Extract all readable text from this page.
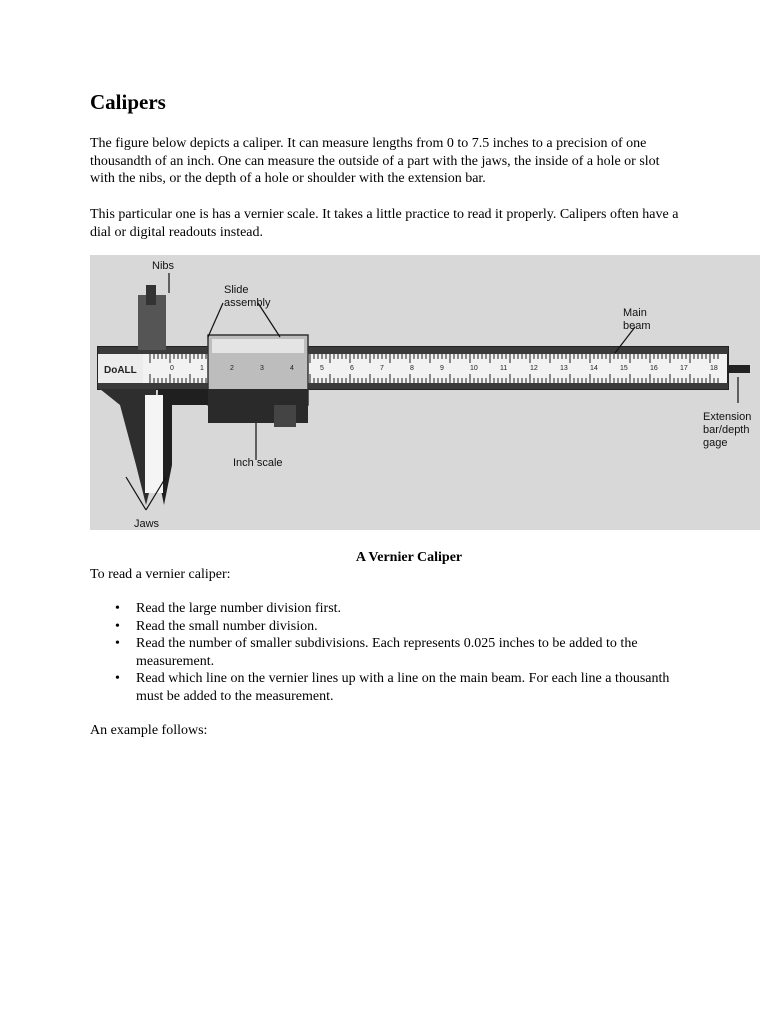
Calipers

The figure below depicts a caliper. It can measure lengths from 0 to 7.5 inches to a precision of one thousandth of an inch. One can measure the outside of a part with the jaws, the inside of a hole or slot with the nibs, or the depth of a hole or shoulder with the extension bar.

This particular one is has a vernier scale. It takes a little practice to read it properly. Calipers often have a dial or digital readouts instead.

DoALL	0	1	2	3	4	5	6	7	8	9	10	11	12	13	14	15	16	17	18
Nibs
Slide
assembly
Main
beam
Extension
bar/depth
gage
Inch scale
Jaws
A Vernier Caliper

To read a vernier caliper:

• Read the large number division first.
• Read the small number division.
• Read the number of smaller subdivisions. Each represents 0.025 inches to be added to the measurement.
• Read which line on the vernier lines up with a line on the main beam. For each line a thousanth must be added to the measurement.

An example follows:
